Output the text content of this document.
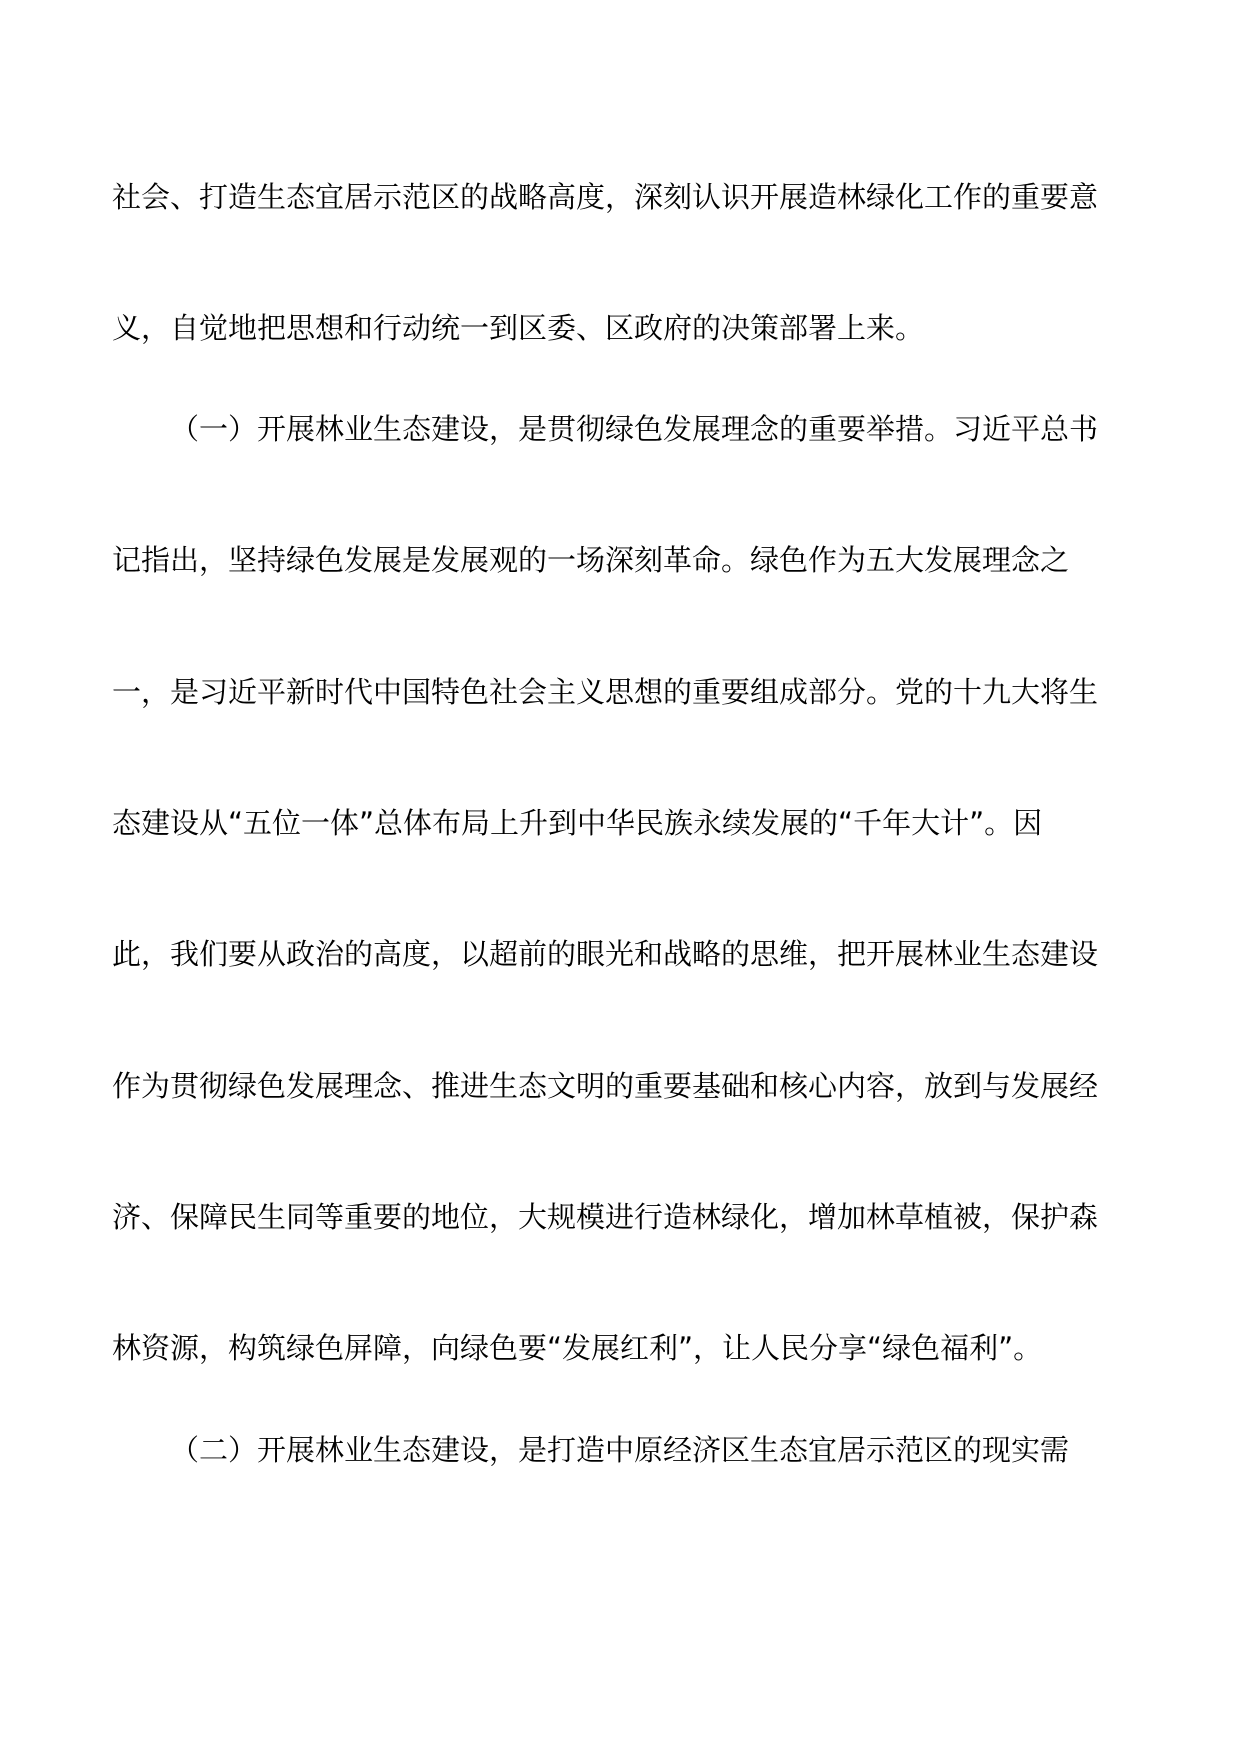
社会、打造生态宜居示范区的战略高度，深刻认识开展造林绿化工作的重要意
义，自觉地把思想和行动统一到区委、区政府的决策部署上来。
（一）开展林业生态建设，是贯彻绿色发展理念的重要举措。习近平总书
记指出，坚持绿色发展是发展观的一场深刻革命。绿色作为五大发展理念之
一，是习近平新时代中国特色社会主义思想的重要组成部分。党的十九大将生
态建设从“五位一体”总体布局上升到中华民族永续发展的“千年大计”。因
此，我们要从政治的高度，以超前的眼光和战略的思维，把开展林业生态建设
作为贯彻绿色发展理念、推进生态文明的重要基础和核心内容，放到与发展经
济、保障民生同等重要的地位，大规模进行造林绿化，增加林草植被，保护森
林资源，构筑绿色屏障，向绿色要“发展红利”，让人民分享“绿色福利”。
（二）开展林业生态建设，是打造中原经济区生态宜居示范区的现实需
